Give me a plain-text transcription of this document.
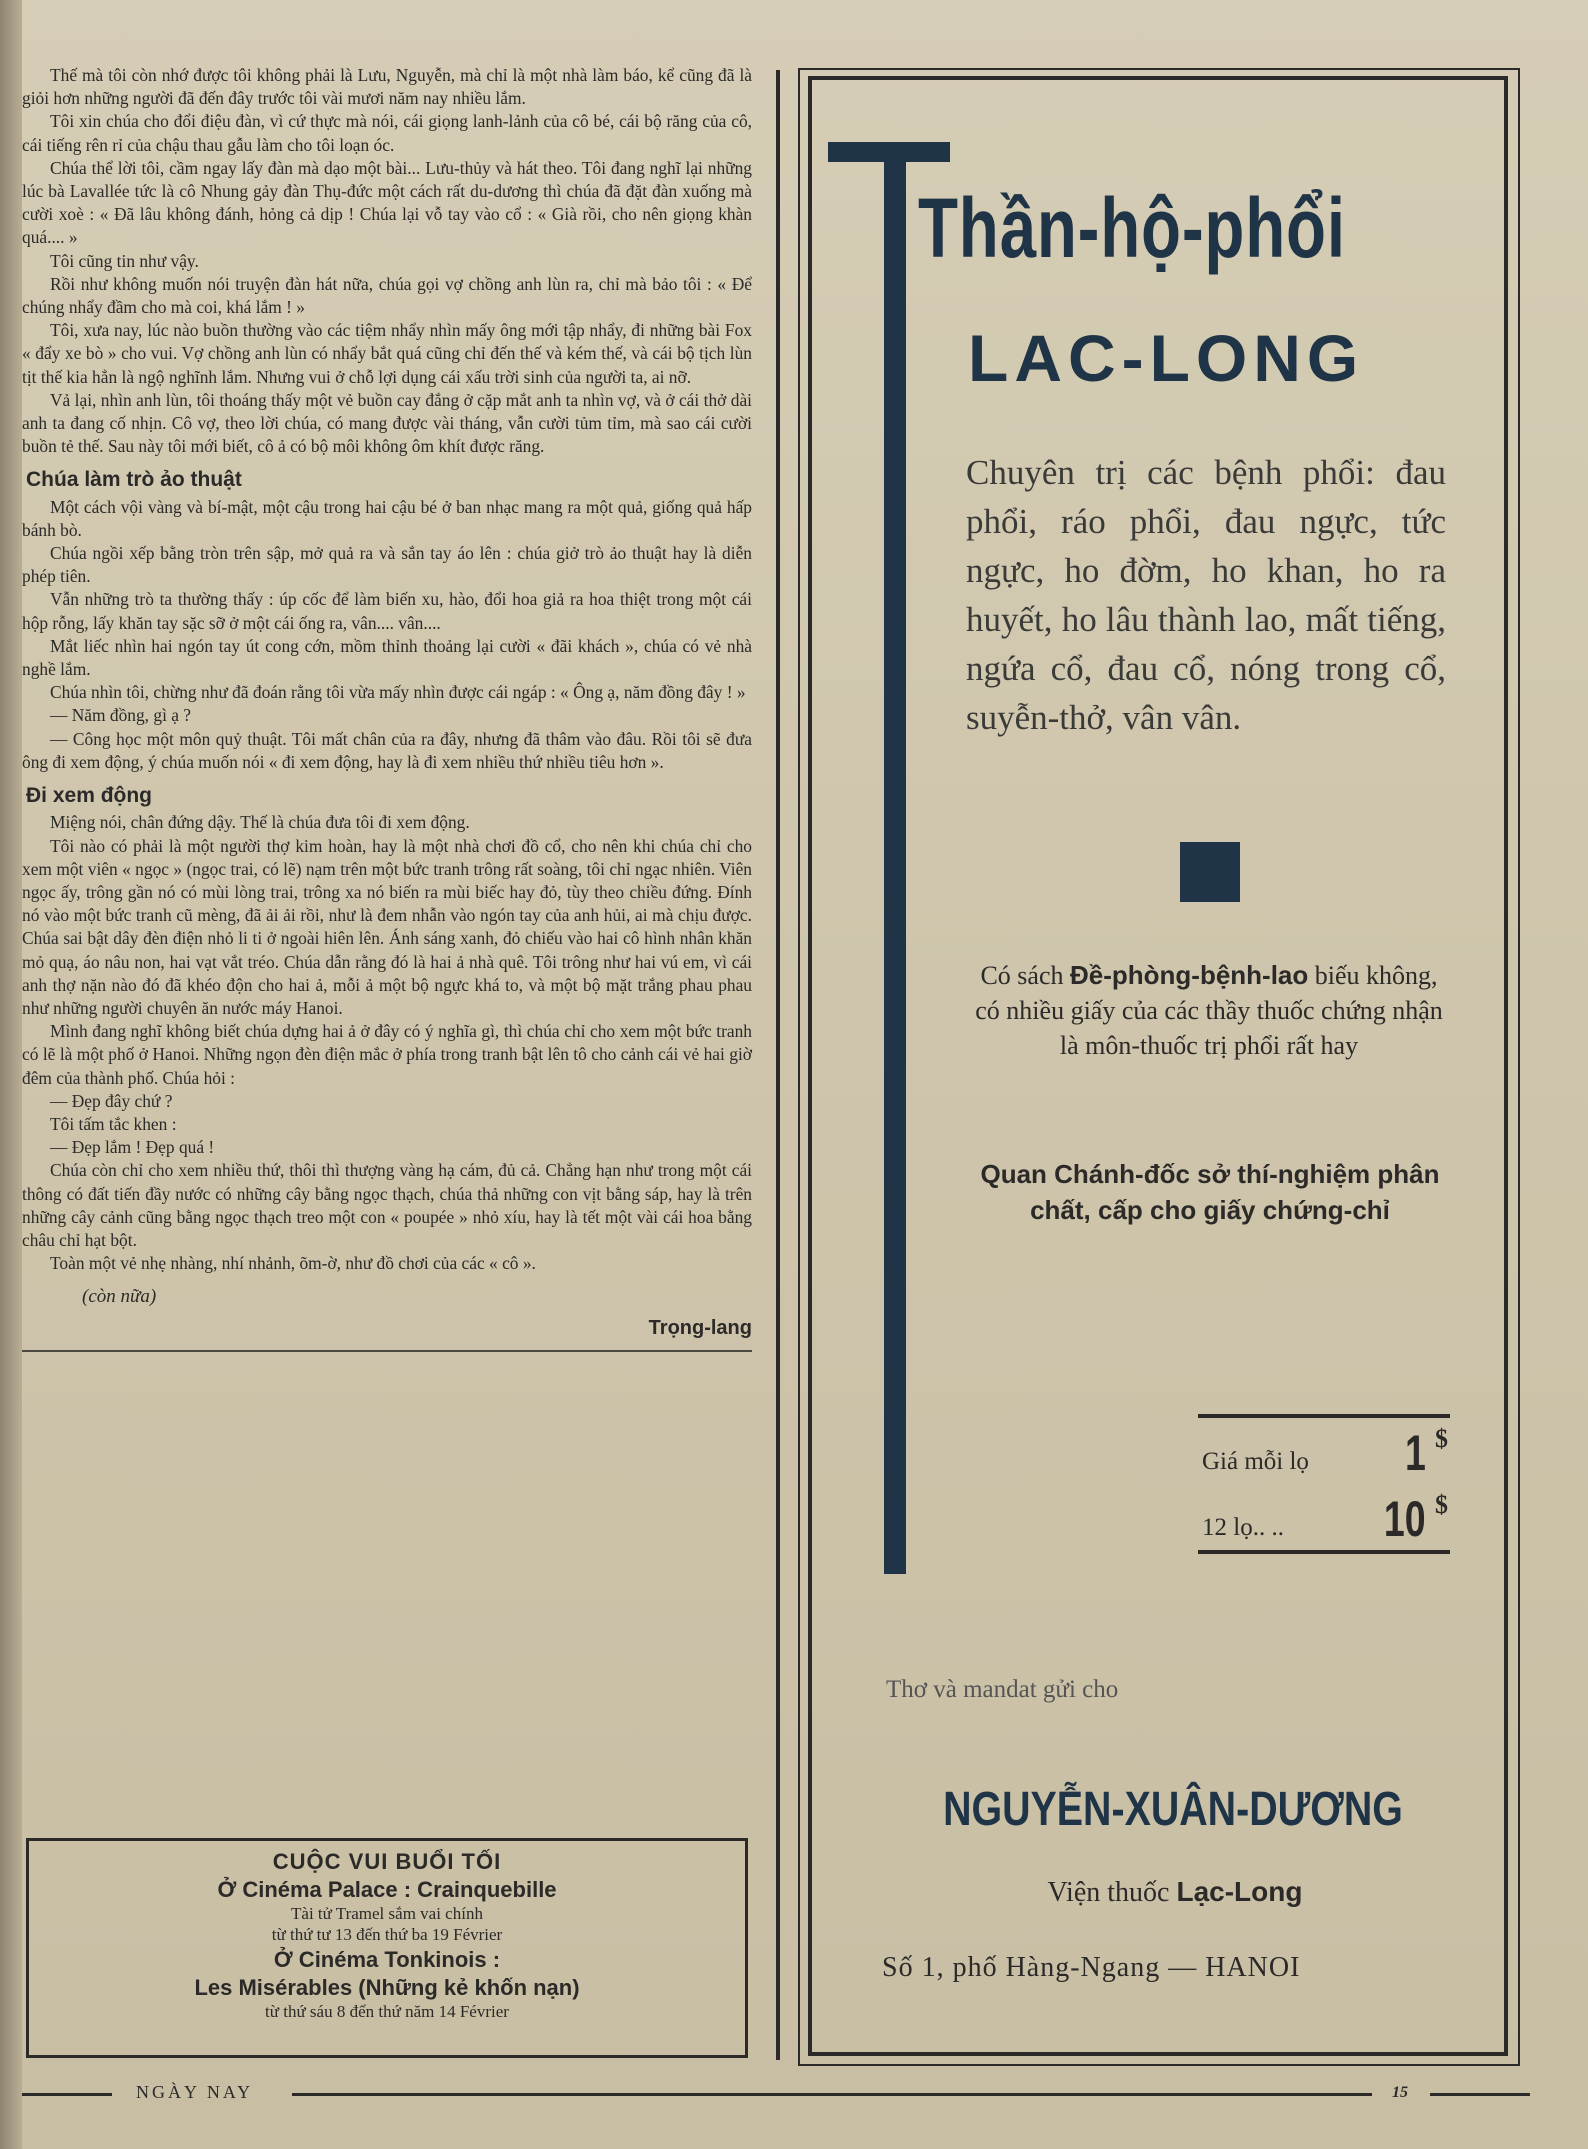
Thế mà tôi còn nhớ được tôi không phải là Lưu, Nguyễn, mà chỉ là một nhà làm báo, kể cũng đã là giỏi hơn những người đã đến đây trước tôi vài mươi năm nay nhiều lắm.

Tôi xin chúa cho đổi điệu đàn, vì cứ thực mà nói, cái giọng lanh-lảnh của cô bé, cái bộ răng của cô, cái tiếng rên rỉ của chậu thau gẫu làm cho tôi loạn óc.

Chúa thể lời tôi, cầm ngay lấy đàn mà dạo một bài... Lưu-thủy và hát theo. Tôi đang nghĩ lại những lúc bà Lavallée tức là cô Nhung gảy đàn Thụ-đức một cách rất du-dương thì chúa đã đặt đàn xuống mà cười xoè : « Đã lâu không đánh, hỏng cả dịp ! Chúa lại vỗ tay vào cổ : « Già rồi, cho nên giọng khàn quá.... »

Tôi cũng tin như vậy.

Rồi như không muốn nói truyện đàn hát nữa, chúa gọi vợ chồng anh lùn ra, chỉ mà bảo tôi : « Để chúng nhẩy đầm cho mà coi, khá lắm ! »

Tôi, xưa nay, lúc nào buồn thường vào các tiệm nhẩy nhìn mấy ông mới tập nhẩy, đi những bài Fox « đẩy xe bò » cho vui. Vợ chồng anh lùn có nhẩy bắt quá cũng chỉ đến thế và kém thế, và cái bộ tịch lùn tịt thế kia hẳn là ngộ nghĩnh lắm. Nhưng vui ở chỗ lợi dụng cái xấu trời sinh của người ta, ai nỡ.

Vả lại, nhìn anh lùn, tôi thoáng thấy một vẻ buồn cay đắng ở cặp mắt anh ta nhìn vợ, và ở cái thở dài anh ta đang cố nhịn. Cô vợ, theo lời chúa, có mang được vài tháng, vẫn cười tủm tỉm, mà sao cái cười buồn tẻ thế. Sau này tôi mới biết, cô ả có bộ môi không ôm khít được răng.

Chúa làm trò ảo thuật

Một cách vội vàng và bí-mật, một cậu trong hai cậu bé ở ban nhạc mang ra một quả, giống quả hấp bánh bò.

Chúa ngồi xếp bằng tròn trên sập, mở quả ra và sắn tay áo lên : chúa giở trò ảo thuật hay là diễn phép tiên.

Vẫn những trò ta thường thấy : úp cốc để làm biến xu, hào, đổi hoa giả ra hoa thiệt trong một cái hộp rỗng, lấy khăn tay sặc sỡ ở một cái ống ra, vân.... vân....

Mắt liếc nhìn hai ngón tay út cong cớn, mồm thỉnh thoảng lại cười « đãi khách », chúa có vẻ nhà nghề lắm.

Chúa nhìn tôi, chừng như đã đoán rằng tôi vừa mấy nhìn được cái ngáp : « Ông ạ, năm đồng đây ! »

— Năm đồng, gì ạ ?

— Công học một môn quỷ thuật. Tôi mất chân của ra đây, nhưng đã thâm vào đâu. Rồi tôi sẽ đưa ông đi xem động, ý chúa muốn nói « đi xem động, hay là đi xem nhiều thứ nhiều tiêu hơn ».

Đi xem động

Miệng nói, chân đứng dậy. Thế là chúa đưa tôi đi xem động.

Tôi nào có phải là một người thợ kim hoàn, hay là một nhà chơi đồ cổ, cho nên khi chúa chỉ cho xem một viên « ngọc » (ngọc trai, có lẽ) nạm trên một bức tranh trông rất soàng, tôi chỉ ngạc nhiên. Viên ngọc ấy, trông gần nó có mùi lòng trai, trông xa nó biến ra mùi biếc hay đỏ, tùy theo chiều đứng. Đính nó vào một bức tranh cũ mèng, đã ải ải rồi, như là đem nhẫn vào ngón tay của anh hủi, ai mà chịu được. Chúa sai bật dây đèn điện nhỏ li ti ở ngoài hiên lên. Ánh sáng xanh, đỏ chiếu vào hai cô hình nhân khăn mỏ quạ, áo nâu non, hai vạt vắt tréo. Chúa dẫn rằng đó là hai ả nhà quê. Tôi trông như hai vú em, vì cái anh thợ nặn nào đó đã khéo độn cho hai ả, mỗi ả một bộ ngực khá to, và một bộ mặt trắng phau phau như những người chuyên ăn nước máy Hanoi.

Mình đang nghĩ không biết chúa dựng hai ả ở đây có ý nghĩa gì, thì chúa chỉ cho xem một bức tranh có lẽ là một phố ở Hanoi. Những ngọn đèn điện mắc ở phía trong tranh bật lên tô cho cảnh cái vẻ hai giờ đêm của thành phố. Chúa hỏi :

— Đẹp đây chứ ?

Tôi tấm tắc khen :

— Đẹp lắm ! Đẹp quá !

Chúa còn chỉ cho xem nhiều thứ, thôi thì thượng vàng hạ cám, đủ cả. Chẳng hạn như trong một cái thông có đất tiến đầy nước có những cây bằng ngọc thạch, chúa thả những con vịt bằng sáp, hay là trên những cây cảnh cũng bằng ngọc thạch treo một con « poupée » nhỏ xíu, hay là tết một vài cái hoa bằng châu chỉ hạt bột.

Toàn một vẻ nhẹ nhàng, nhí nhảnh, õm-ờ, như đồ chơi của các « cô ».

(còn nữa)
Trọng-lang
CUỘC VUI BUỔI TỐI
Ở Cinéma Palace : Crainquebille
Tài tử Tramel sắm vai chính
từ thứ tư 13 đến thứ ba 19 Février
Ở Cinéma Tonkinois :
Les Misérables (Những kẻ khốn nạn)
từ thứ sáu 8 đến thứ năm 14 Février
Thần-hộ-phổi
LAC-LONG
Chuyên trị các bệnh phổi: đau phổi, ráo phổi, đau ngực, tức ngực, ho đờm, ho khan, ho ra huyết, ho lâu thành lao, mất tiếng, ngứa cổ, đau cổ, nóng trong cổ, suyễn-thở, vân vân.
Có sách Đề-phòng-bệnh-lao biếu không, có nhiều giấy của các thầy thuốc chứng nhận là môn-thuốc trị phổi rất hay
Quan Chánh-đốc sở thí-nghiệm phân chất, cấp cho giấy chứng-chỉ
Giá mỗi lọ 1 $
12 lọ.. .. 10 $
Thơ và mandat gửi cho
NGUYỄN-XUÂN-DƯƠNG
Viện thuốc Lạc-Long
Số 1, phố Hàng-Ngang — HANOI
NGÀY NAY	15
